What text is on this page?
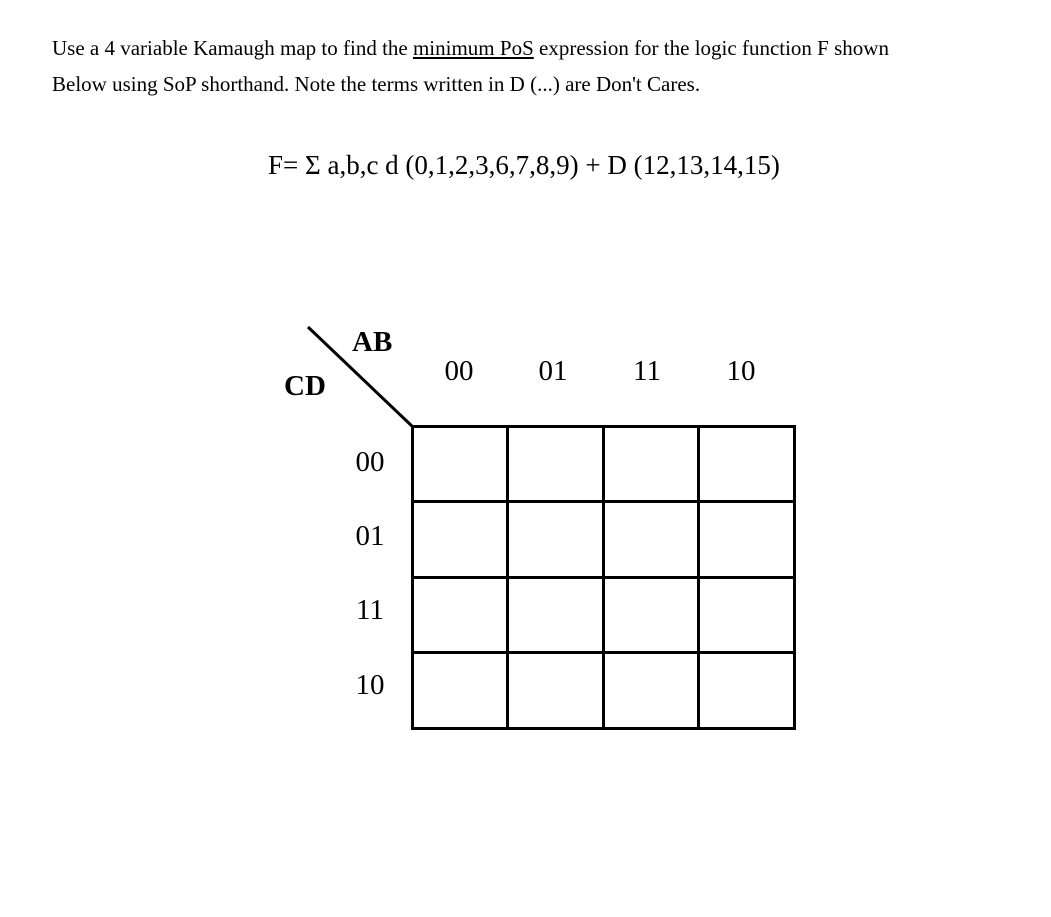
Use a 4 variable Kamaugh map to find the minimum PoS expression for the logic function F shown
Below using SoP shorthand. Note the terms written in D (...) are Don't Cares.
F= Σ a,b,c d (0,1,2,3,6,7,8,9) + D (12,13,14,15)
AB
CD	00	01	11	10
00
01
11
10
